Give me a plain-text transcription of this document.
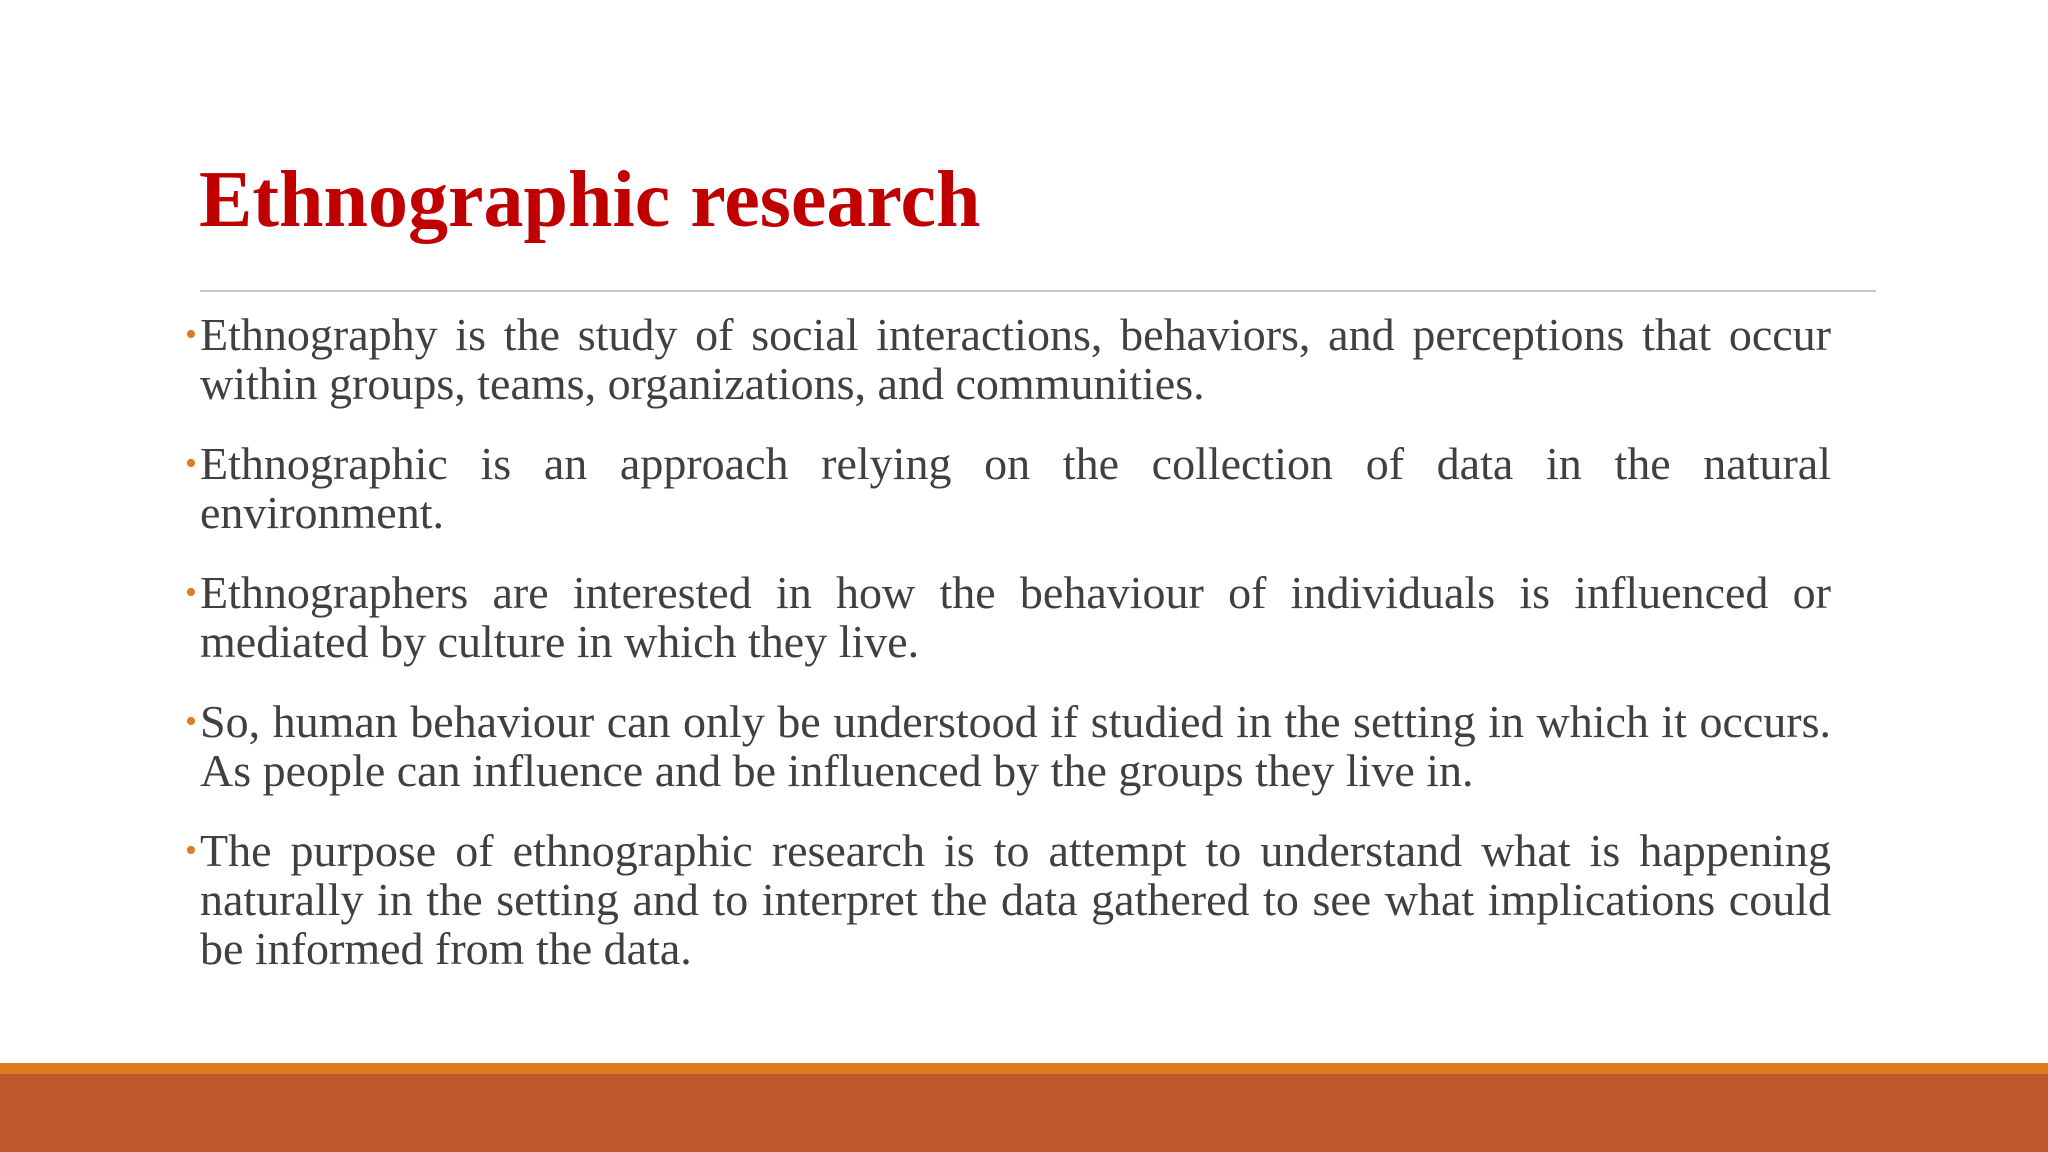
Ethnographic research
• Ethnography is the study of social interactions, behaviors, and perceptions that occur within groups, teams, organizations, and communities.
• Ethnographic is an approach relying on the collection of data in the natural environment.
• Ethnographers are interested in how the behaviour of individuals is influenced or mediated by culture in which they live.
• So, human behaviour can only be understood if studied in the setting in which it occurs. As people can influence and be influenced by the groups they live in.
• The purpose of ethnographic research is to attempt to understand what is happening naturally in the setting and to interpret the data gathered to see what implications could be informed from the data.
